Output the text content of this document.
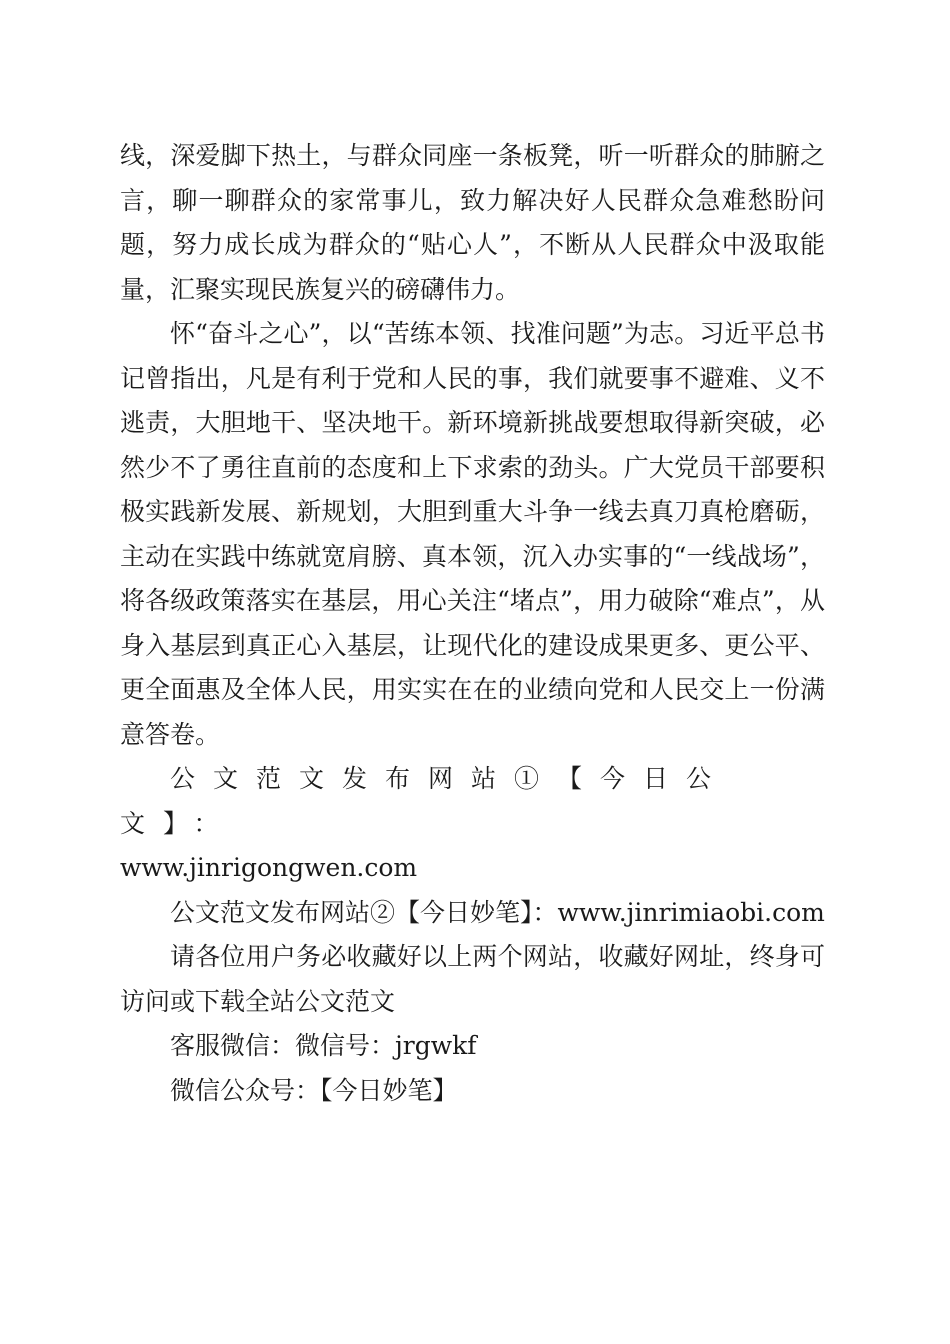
线，深爱脚下热土，与群众同座一条板凳，听一听群众的肺腑之言，聊一聊群众的家常事儿，致力解决好人民群众急难愁盼问题，努力成长成为群众的“贴心人”，不断从人民群众中汲取能量，汇聚实现民族复兴的磅礴伟力。

怀“奋斗之心”，以“苦练本领、找准问题”为志。习近平总书记曾指出，凡是有利于党和人民的事，我们就要事不避难、义不逃责，大胆地干、坚决地干。新环境新挑战要想取得新突破，必然少不了勇往直前的态度和上下求索的劲头。广大党员干部要积极实践新发展、新规划，大胆到重大斗争一线去真刀真枪磨砺，主动在实践中练就宽肩膀、真本领，沉入办实事的“一线战场”，将各级政策落实在基层，用心关注“堵点”，用力破除“难点”，从身入基层到真正心入基层，让现代化的建设成果更多、更公平、更全面惠及全体人民，用实实在在的业绩向党和人民交上一份满意答卷。

公文范文发布网站①【今日公文】：

www.jinrigongwen.com

公文范文发布网站②【今日妙笔】：www.jinrimiaobi.com

请各位用户务必收藏好以上两个网站，收藏好网址，终身可访问或下载全站公文范文

客服微信：微信号：jrgwkf

微信公众号：【今日妙笔】
